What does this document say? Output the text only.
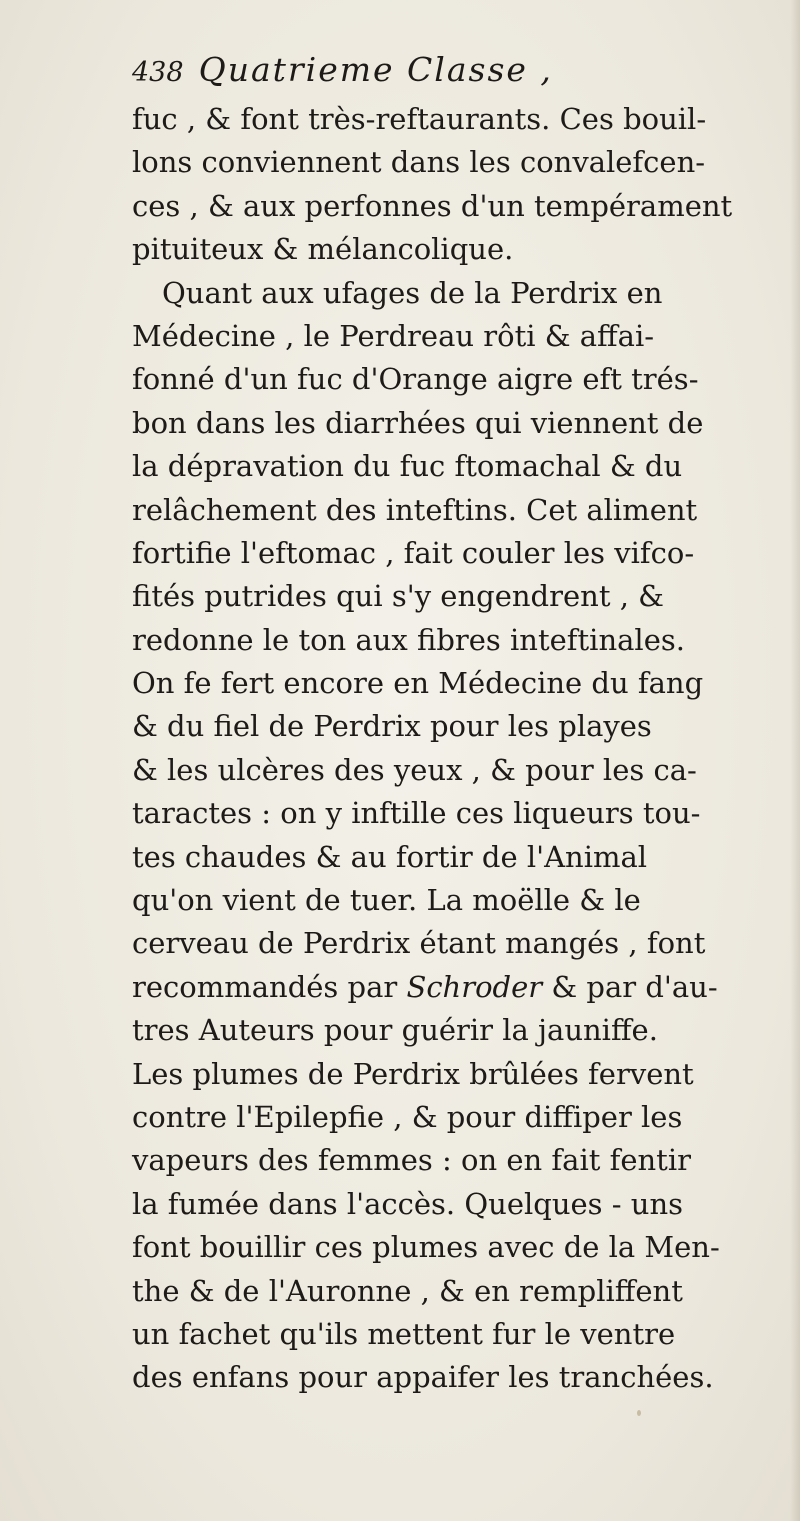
438 Quatrieme Classe ,
fuc , & font très-reftaurants. Ces bouil-
lons conviennent dans les convalefcen-
ces , & aux perfonnes d'un tempérament
pituiteux & mélancolique.
Quant aux ufages de la Perdrix en
Médecine , le Perdreau rôti & affai-
fonné d'un fuc d'Orange aigre eft trés-
bon dans les diarrhées qui viennent de
la dépravation du fuc ftomachal & du
relâchement des inteftins. Cet aliment
fortifie l'eftomac , fait couler les vifco-
fités putrides qui s'y engendrent , &
redonne le ton aux fibres inteftinales.
On fe fert encore en Médecine du fang
& du fiel de Perdrix pour les playes
& les ulcères des yeux , & pour les ca-
taractes : on y inftille ces liqueurs tou-
tes chaudes & au fortir de l'Animal
qu'on vient de tuer. La moëlle & le
cerveau de Perdrix étant mangés , font
recommandés par Schroder & par d'au-
tres Auteurs pour guérir la jauniffe.
Les plumes de Perdrix brûlées fervent
contre l'Epilepfie , & pour diffiper les
vapeurs des femmes : on en fait fentir
la fumée dans l'accès. Quelques - uns
font bouillir ces plumes avec de la Men-
the & de l'Auronne , & en rempliffent
un fachet qu'ils mettent fur le ventre
des enfans pour appaifer les tranchées.
